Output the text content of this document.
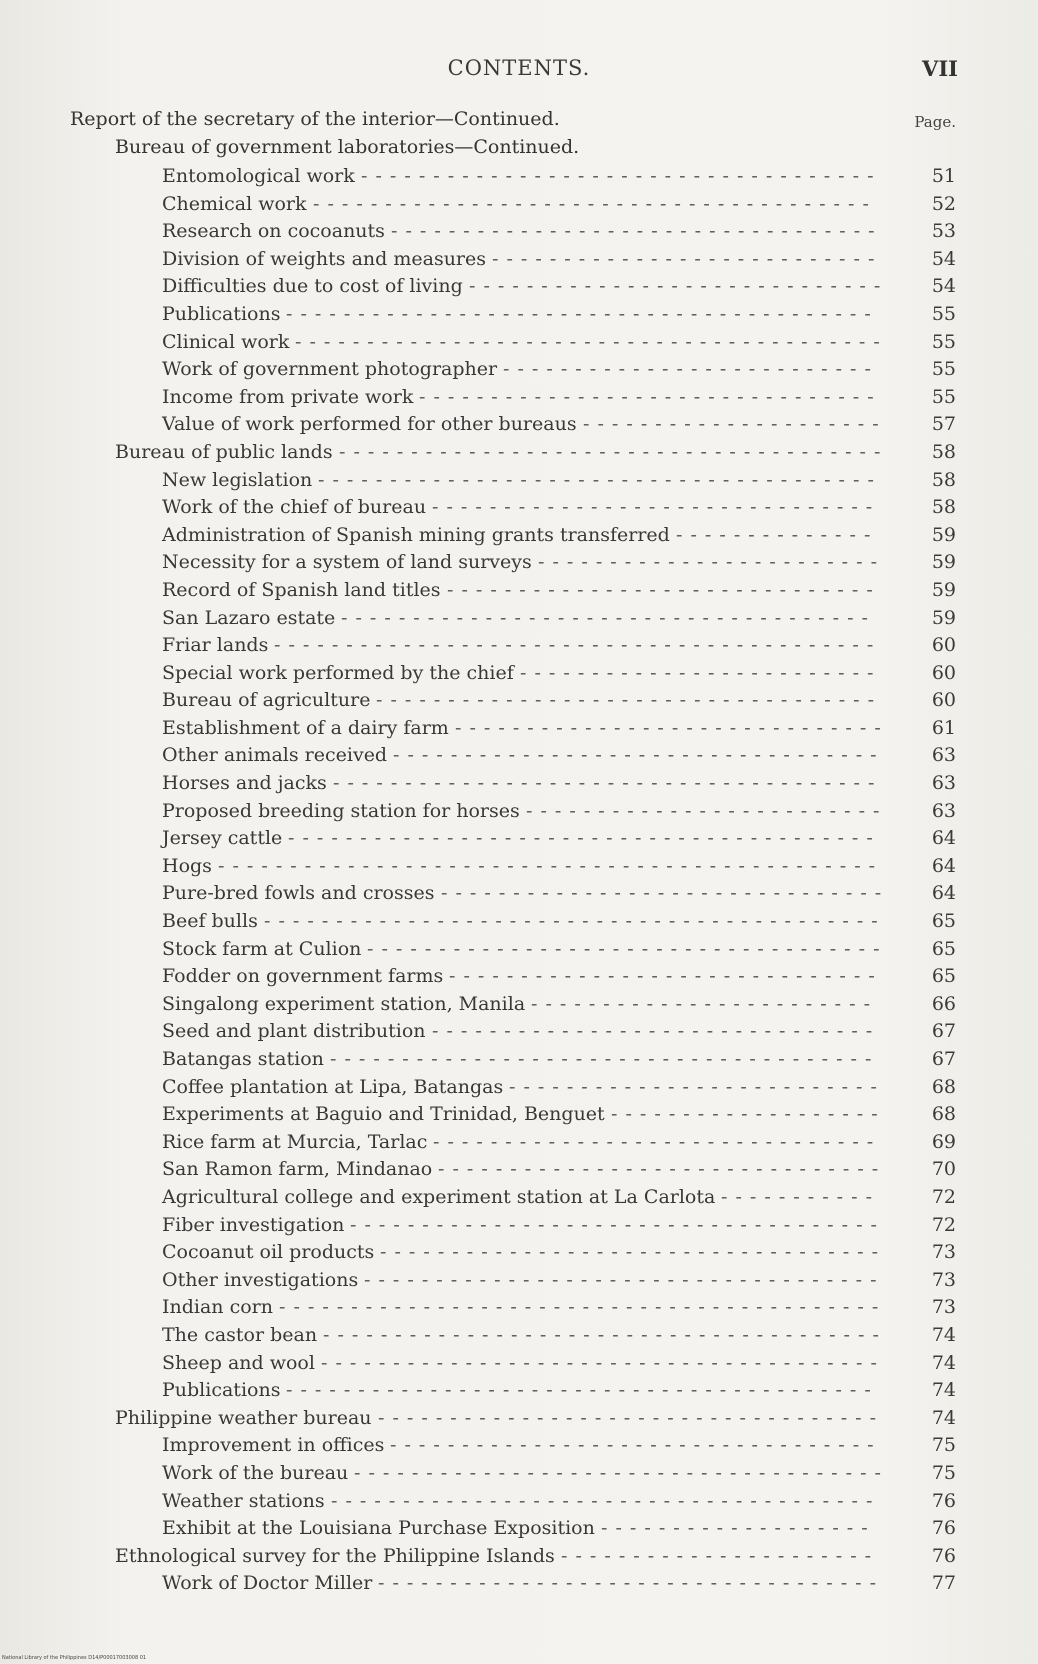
CONTENTS.	VII
Page.
Report of the secretary of the interior—Continued.
Bureau of government laboratories—Continued.
- - - - - - - - - - - - - - - - - - - - - - - - - - - - - - - - - - - -
Entomological work	51
- - - - - - - - - - - - - - - - - - - - - - - - - - - - - - - - - - - - - - -
Chemical work	52
- - - - - - - - - - - - - - - - - - - - - - - - - - - - - - - - - -
Research on cocoanuts	53
- - - - - - - - - - - - - - - - - - - - - - - - - - -
Division of weights and measures	54
- - - - - - - - - - - - - - - - - - - - - - - - - - - - -
Difficulties due to cost of living	54
- - - - - - - - - - - - - - - - - - - - - - - - - - - - - - - - - - - - - - - - -
Publications	55
- - - - - - - - - - - - - - - - - - - - - - - - - - - - - - - - - - - - - - - - -
Clinical work	55
- - - - - - - - - - - - - - - - - - - - - - - - - -
Work of government photographer	55
- - - - - - - - - - - - - - - - - - - - - - - - - - - - - - - -
Income from private work	55
- - - - - - - - - - - - - - - - - - - - -
Value of work performed for other bureaus	57
- - - - - - - - - - - - - - - - - - - - - - - - - - - - - - - - - - - - - -
Bureau of public lands	58
- - - - - - - - - - - - - - - - - - - - - - - - - - - - - - - - - - - - - - -
New legislation	58
- - - - - - - - - - - - - - - - - - - - - - - - - - - - - - -
Work of the chief of bureau	58
- - - - - - - - - - - - - -
Administration of Spanish mining grants transferred	59
- - - - - - - - - - - - - - - - - - - - - - - -
Necessity for a system of land surveys	59
- - - - - - - - - - - - - - - - - - - - - - - - - - - - - -
Record of Spanish land titles	59
- - - - - - - - - - - - - - - - - - - - - - - - - - - - - - - - - - - - -
San Lazaro estate	59
- - - - - - - - - - - - - - - - - - - - - - - - - - - - - - - - - - - - - - - - - -
Friar lands	60
- - - - - - - - - - - - - - - - - - - - - - - - -
Special work performed by the chief	60
- - - - - - - - - - - - - - - - - - - - - - - - - - - - - - - - - - -
Bureau of agriculture	60
- - - - - - - - - - - - - - - - - - - - - - - - - - - - - -
Establishment of a dairy farm	61
- - - - - - - - - - - - - - - - - - - - - - - - - - - - - - - - - -
Other animals received	63
- - - - - - - - - - - - - - - - - - - - - - - - - - - - - - - - - - - - - -
Horses and jacks	63
- - - - - - - - - - - - - - - - - - - - - - - - -
Proposed breeding station for horses	63
- - - - - - - - - - - - - - - - - - - - - - - - - - - - - - - - - - - - - - - - -
Jersey cattle	64
- - - - - - - - - - - - - - - - - - - - - - - - - - - - - - - - - - - - - - - - - - - - - -
Hogs	64
- - - - - - - - - - - - - - - - - - - - - - - - - - - - - - -
Pure-bred fowls and crosses	64
- - - - - - - - - - - - - - - - - - - - - - - - - - - - - - - - - - - - - - - - - - -
Beef bulls	65
- - - - - - - - - - - - - - - - - - - - - - - - - - - - - - - - - - - -
Stock farm at Culion	65
- - - - - - - - - - - - - - - - - - - - - - - - - - - - - -
Fodder on government farms	65
- - - - - - - - - - - - - - - - - - - - - - - -
Singalong experiment station, Manila	66
- - - - - - - - - - - - - - - - - - - - - - - - - - - - - - -
Seed and plant distribution	67
- - - - - - - - - - - - - - - - - - - - - - - - - - - - - - - - - - - - - -
Batangas station	67
- - - - - - - - - - - - - - - - - - - - - - - - - -
Coffee plantation at Lipa, Batangas	68
- - - - - - - - - - - - - - - - - - -
Experiments at Baguio and Trinidad, Benguet	68
- - - - - - - - - - - - - - - - - - - - - - - - - - - - - - -
Rice farm at Murcia, Tarlac	69
- - - - - - - - - - - - - - - - - - - - - - - - - - - - - - -
San Ramon farm, Mindanao	70
- - - - - - - - - - -
Agricultural college and experiment station at La Carlota	72
- - - - - - - - - - - - - - - - - - - - - - - - - - - - - - - - - - - - -
Fiber investigation	72
- - - - - - - - - - - - - - - - - - - - - - - - - - - - - - - - - - -
Cocoanut oil products	73
- - - - - - - - - - - - - - - - - - - - - - - - - - - - - - - - - - - -
Other investigations	73
- - - - - - - - - - - - - - - - - - - - - - - - - - - - - - - - - - - - - - - - - -
Indian corn	73
- - - - - - - - - - - - - - - - - - - - - - - - - - - - - - - - - - - - - - -
The castor bean	74
- - - - - - - - - - - - - - - - - - - - - - - - - - - - - - - - - - - - - - -
Sheep and wool	74
- - - - - - - - - - - - - - - - - - - - - - - - - - - - - - - - - - - - - - - - -
Publications	74
- - - - - - - - - - - - - - - - - - - - - - - - - - - - - - - - - - -
Philippine weather bureau	74
- - - - - - - - - - - - - - - - - - - - - - - - - - - - - - - - - -
Improvement in offices	75
- - - - - - - - - - - - - - - - - - - - - - - - - - - - - - - - - - - - -
Work of the bureau	75
- - - - - - - - - - - - - - - - - - - - - - - - - - - - - - - - - - - - - -
Weather stations	76
- - - - - - - - - - - - - - - - - - -
Exhibit at the Louisiana Purchase Exposition	76
- - - - - - - - - - - - - - - - - - - - - -
Ethnological survey for the Philippine Islands	76
- - - - - - - - - - - - - - - - - - - - - - - - - - - - - - - - - - -
Work of Doctor Miller	77
National Library of the Philippines D14/P00017003008 01
